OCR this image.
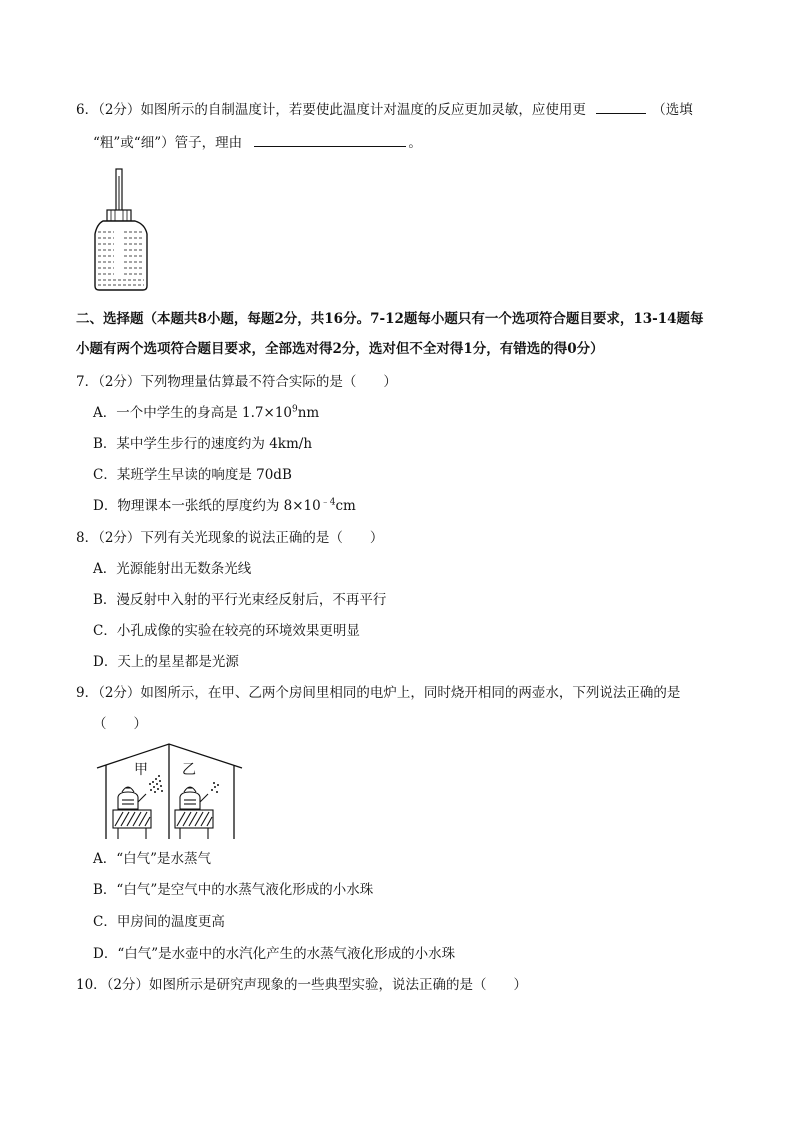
6．（2分）如图所示的自制温度计，若要使此温度计对温度的反应更加灵敏，应使用更	（选填
“粗”或“细”）管子，理由	。
二、选择题（本题共8小题，每题2分，共16分。7-12题每小题只有一个选项符合题目要求，13-14题每
小题有两个选项符合题目要求，全部选对得2分，选对但不全对得1分，有错选的得0分）
7．（2分）下列物理量估算最不符合实际的是（　　）
A．一个中学生的身高是 $1.7\times 10^9nm$
B．某中学生步行的速度约为 4km/h
C．某班学生早读的响度是 70dB
D．物理课本一张纸的厚度约为 $8\times 10^{﹣4}cm$
8．（2分）下列有关光现象的说法正确的是（　　）
A．光源能射出无数条光线
B．漫反射中入射的平行光束经反射后，不再平行
C．小孔成像的实验在较亮的环境效果更明显
D．天上的星星都是光源
9．（2分）如图所示，在甲、乙两个房间里相同的电炉上，同时烧开相同的两壶水，下列说法正确的是
（　　）
甲 乙
A．“白气”是水蒸气
B．“白气”是空气中的水蒸气液化形成的小水珠
C．甲房间的温度更高
D．“白气”是水壶中的水汽化产生的水蒸气液化形成的小水珠
10．（2分）如图所示是研究声现象的一些典型实验，说法正确的是（　　）
